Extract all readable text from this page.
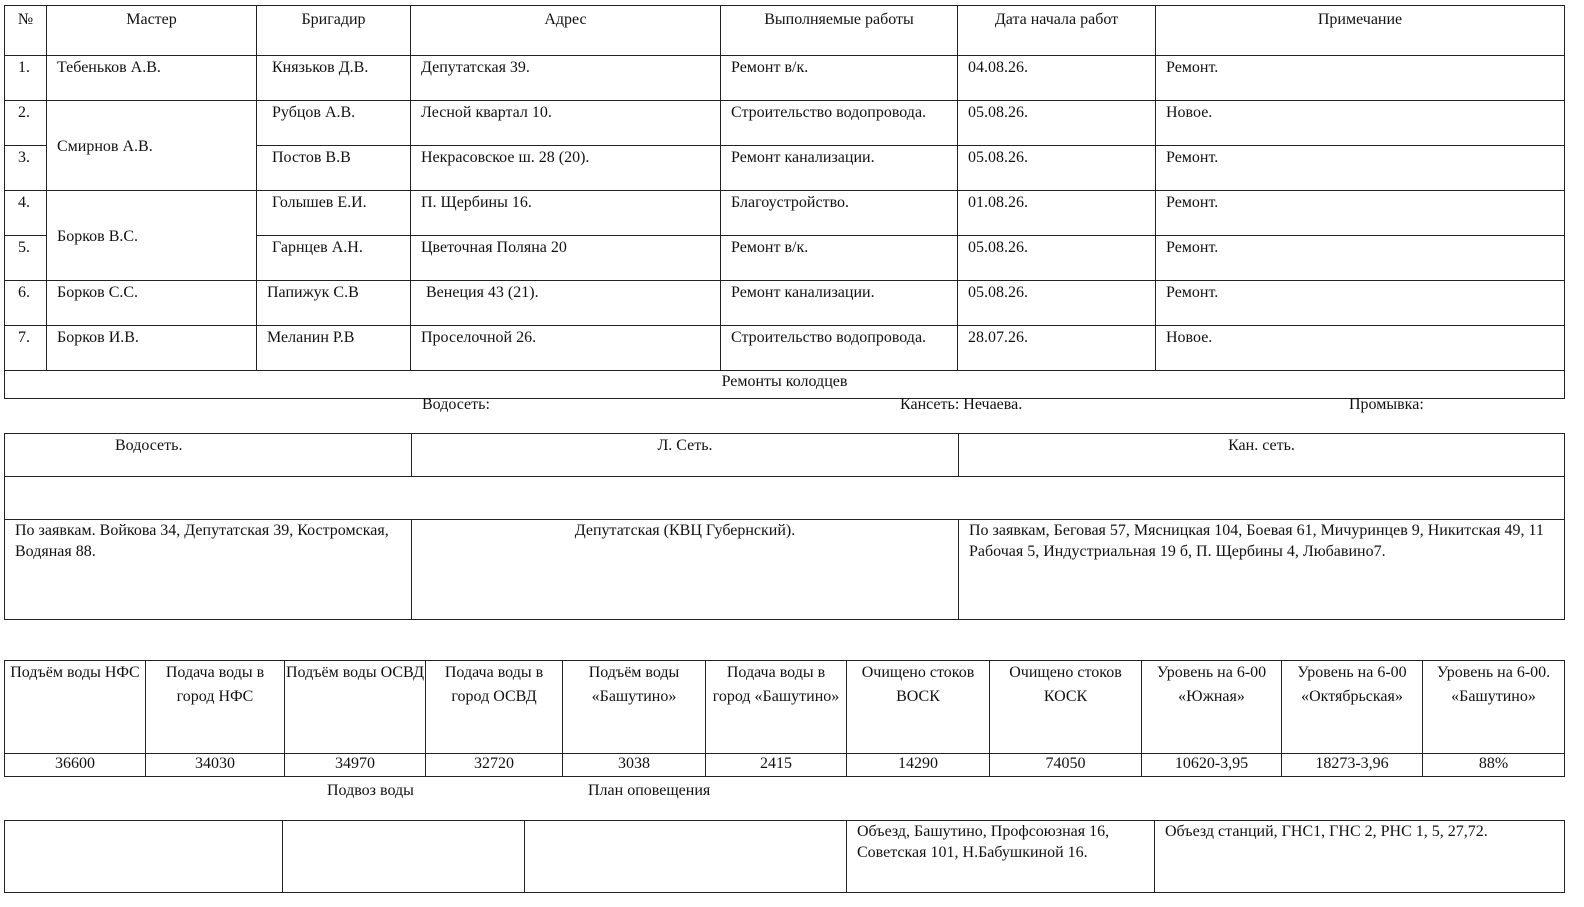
№	Мастер	Бригадир	Адрес	Выполняемые работы	Дата начала работ	Примечание
1.	Тебеньков А.В.	Князьков Д.В.	Депутатская 39.	Ремонт в/к.	04.08.26.	Ремонт.
2.	Смирнов А.В.	Рубцов А.В.	Лесной квартал 10.	Строительство водопровода.	05.08.26.	Новое.
3.		Постов В.В	Некрасовское ш. 28 (20).	Ремонт канализации.	05.08.26.	Ремонт.
4.	Борков В.С.	Голышев Е.И.	П. Щербины 16.	Благоустройство.	01.08.26.	Ремонт.
5.		Гарнцев А.Н.	Цветочная Поляна 20	Ремонт в/к.	05.08.26.	Ремонт.
6.	Борков С.С.	Папижук С.В	Венеция 43 (21).	Ремонт канализации.	05.08.26.	Ремонт.
7.	Борков И.В.	Меланин Р.В	Проселочной 26.	Строительство водопровода.	28.07.26.	Новое.
Ремонты колодцев						
Водосеть:	Кансеть: Нечаева.	Промывка:
Водосеть.	Л. Сеть.	Кан. сеть.

По заявкам. Войкова 34, Депутатская 39, Костромская, Водяная 88.	Депутатская (КВЦ Губернский).	По заявкам, Беговая 57, Мясницкая 104, Боевая 61, Мичуринцев 9, Никитская 49, 11 Рабочая 5, Индустриальная 19 б, П. Щербины 4, Любавино7.
Подъём воды НФС	Подача воды в город НФС	Подъём воды ОСВД	Подача воды в город ОСВД	Подъём воды «Башутино»	Подача воды в город «Башутино»	Очищено стоков ВОСК	Очищено стоков КОСК	Уровень на 6-00 «Южная»	Уровень на 6-00 «Октябрьская»	Уровень на 6-00. «Башутино»
36600	34030	34970	32720	3038	2415	14290	74050	10620-3,95	18273-3,96	88%
Подвоз воды	План оповещения
			Объезд, Башутино, Профсоюзная 16, Советская 101, Н.Бабушкиной 16.	Объезд станций, ГНС1, ГНС 2, РНС 1, 5, 27,72.
